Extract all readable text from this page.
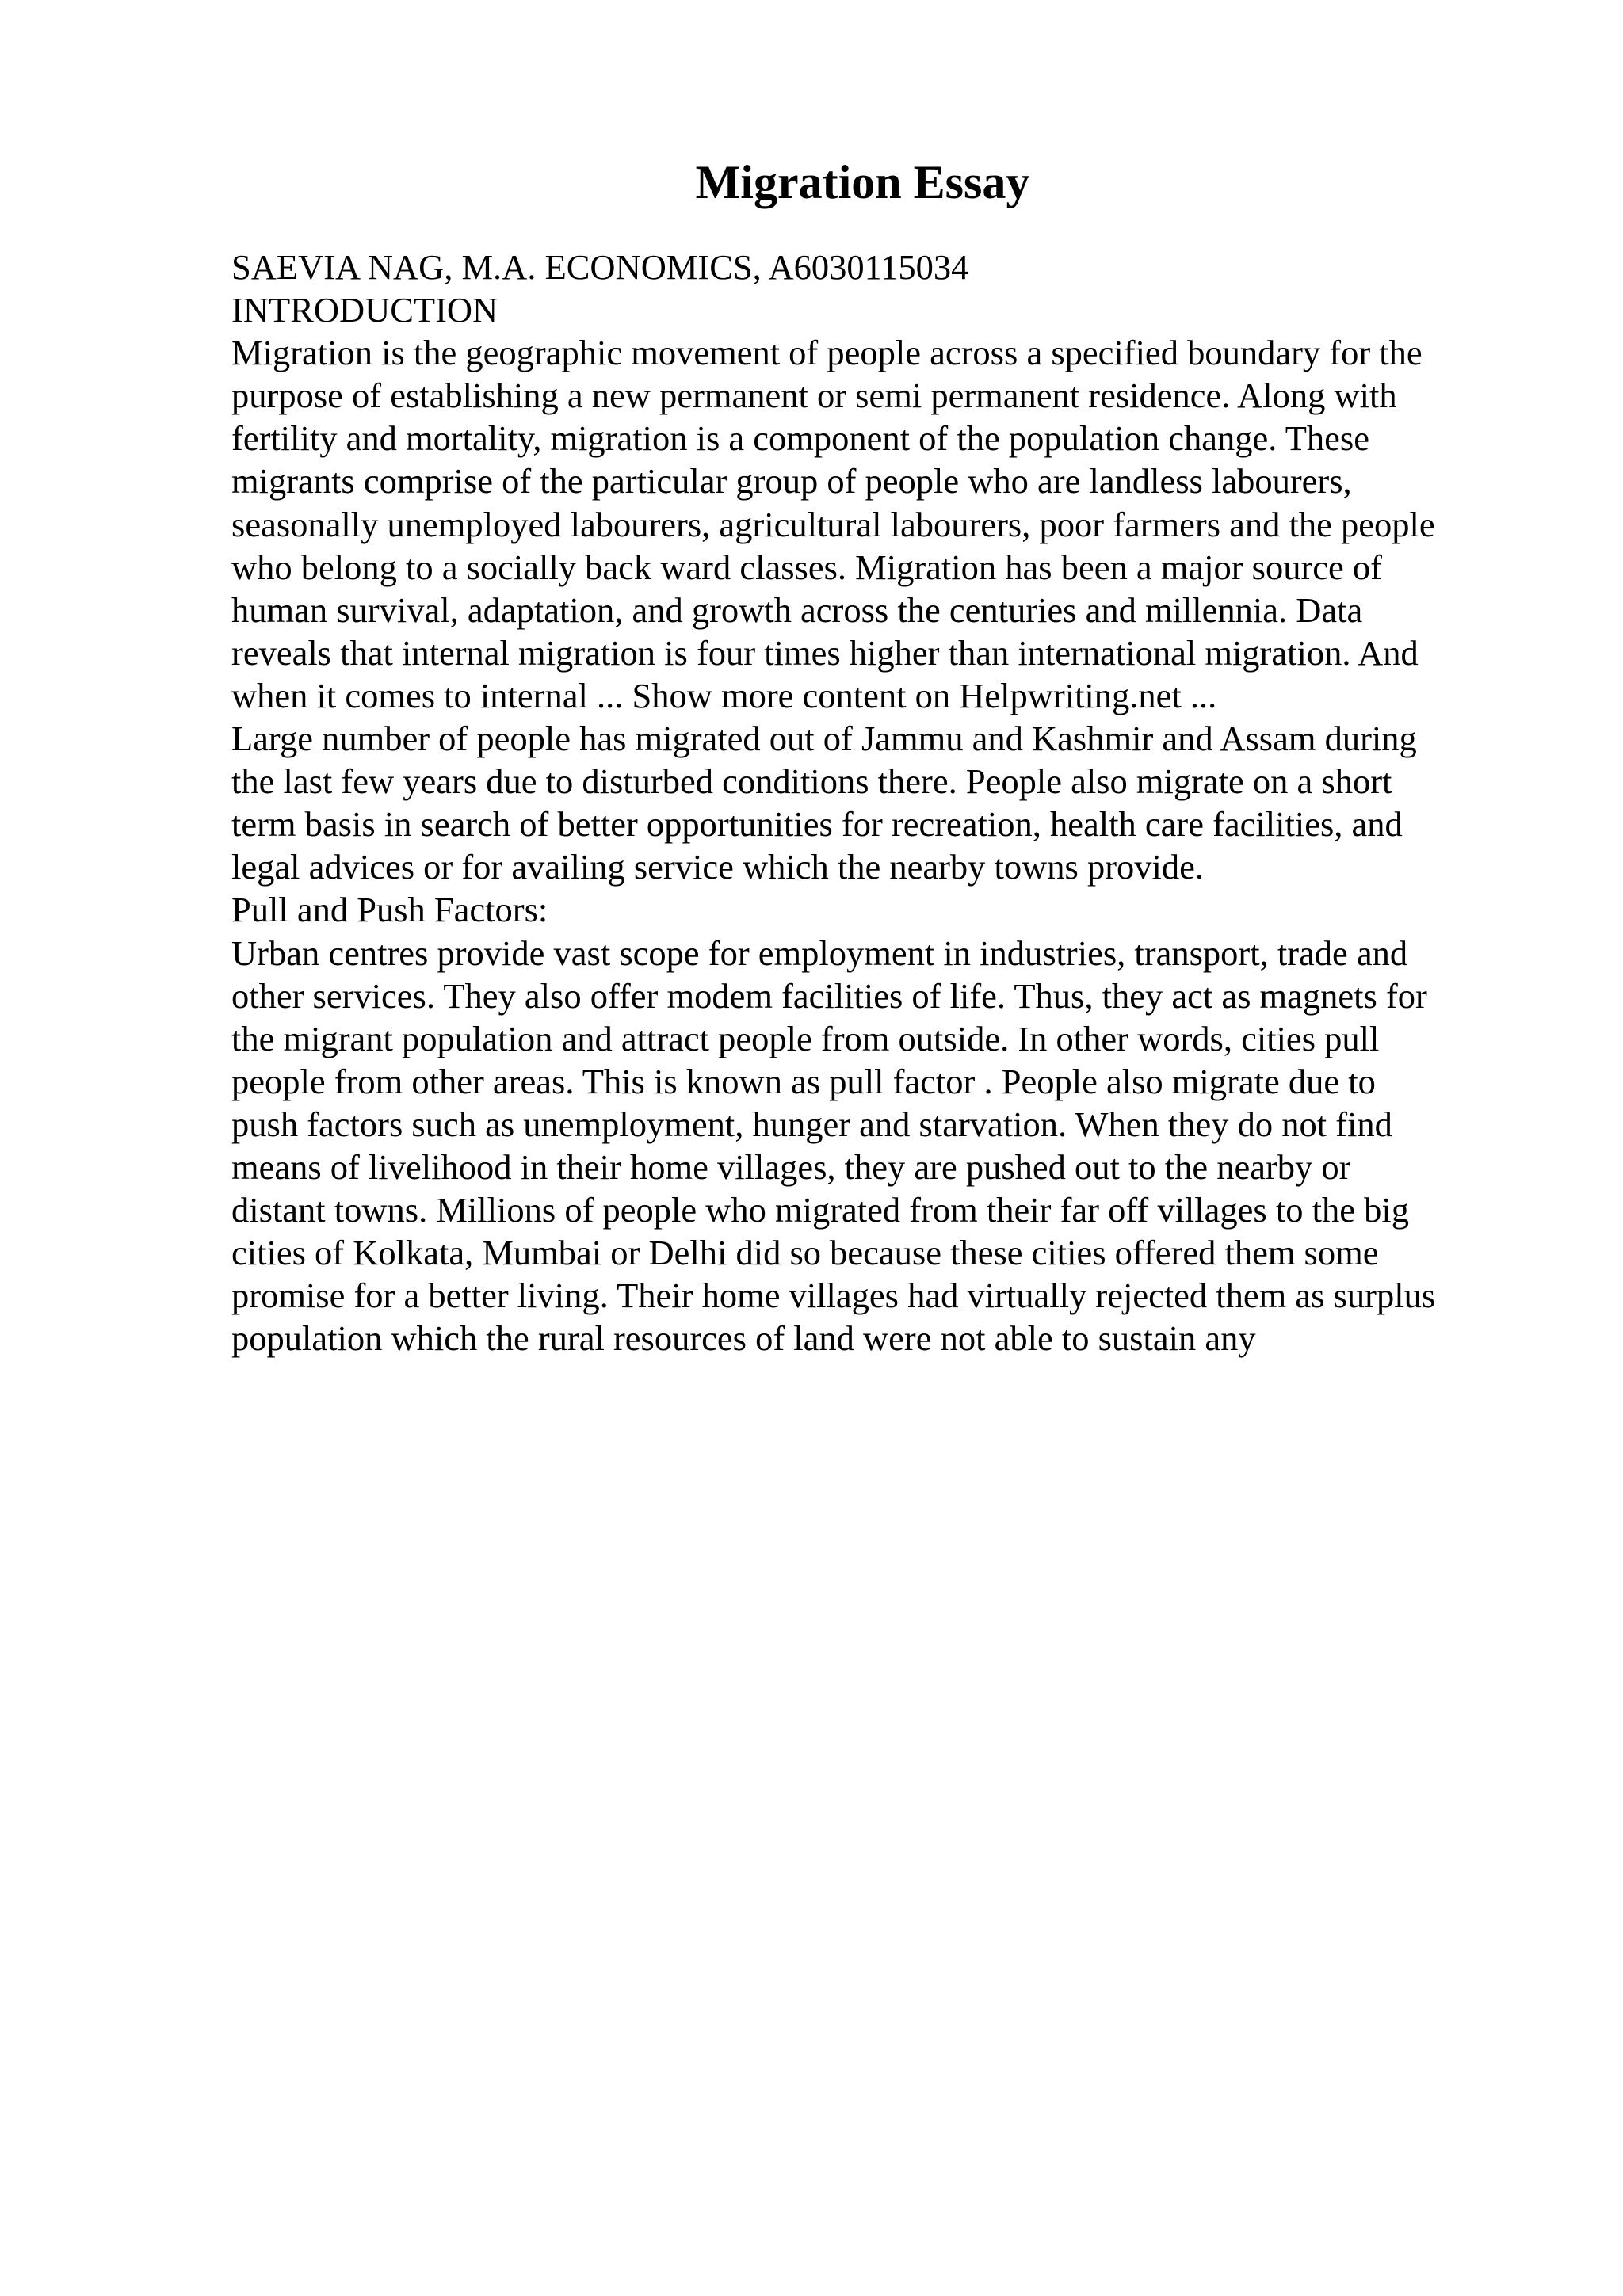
Migration Essay
SAEVIA NAG, M.A. ECONOMICS, A6030115034
INTRODUCTION
Migration is the geographic movement of people across a specified boundary for the
purpose of establishing a new permanent or semi permanent residence. Along with
fertility and mortality, migration is a component of the population change. These
migrants comprise of the particular group of people who are landless labourers,
seasonally unemployed labourers, agricultural labourers, poor farmers and the people
who belong to a socially back ward classes. Migration has been a major source of
human survival, adaptation, and growth across the centuries and millennia. Data
reveals that internal migration is four times higher than international migration. And
when it comes to internal ... Show more content on Helpwriting.net ...
Large number of people has migrated out of Jammu and Kashmir and Assam during
the last few years due to disturbed conditions there. People also migrate on a short
term basis in search of better opportunities for recreation, health care facilities, and
legal advices or for availing service which the nearby towns provide.
Pull and Push Factors:
Urban centres provide vast scope for employment in industries, transport, trade and
other services. They also offer modem facilities of life. Thus, they act as magnets for
the migrant population and attract people from outside. In other words, cities pull
people from other areas. This is known as pull factor . People also migrate due to
push factors such as unemployment, hunger and starvation. When they do not find
means of livelihood in their home villages, they are pushed out to the nearby or
distant towns. Millions of people who migrated from their far off villages to the big
cities of Kolkata, Mumbai or Delhi did so because these cities offered them some
promise for a better living. Their home villages had virtually rejected them as surplus
population which the rural resources of land were not able to sustain any
